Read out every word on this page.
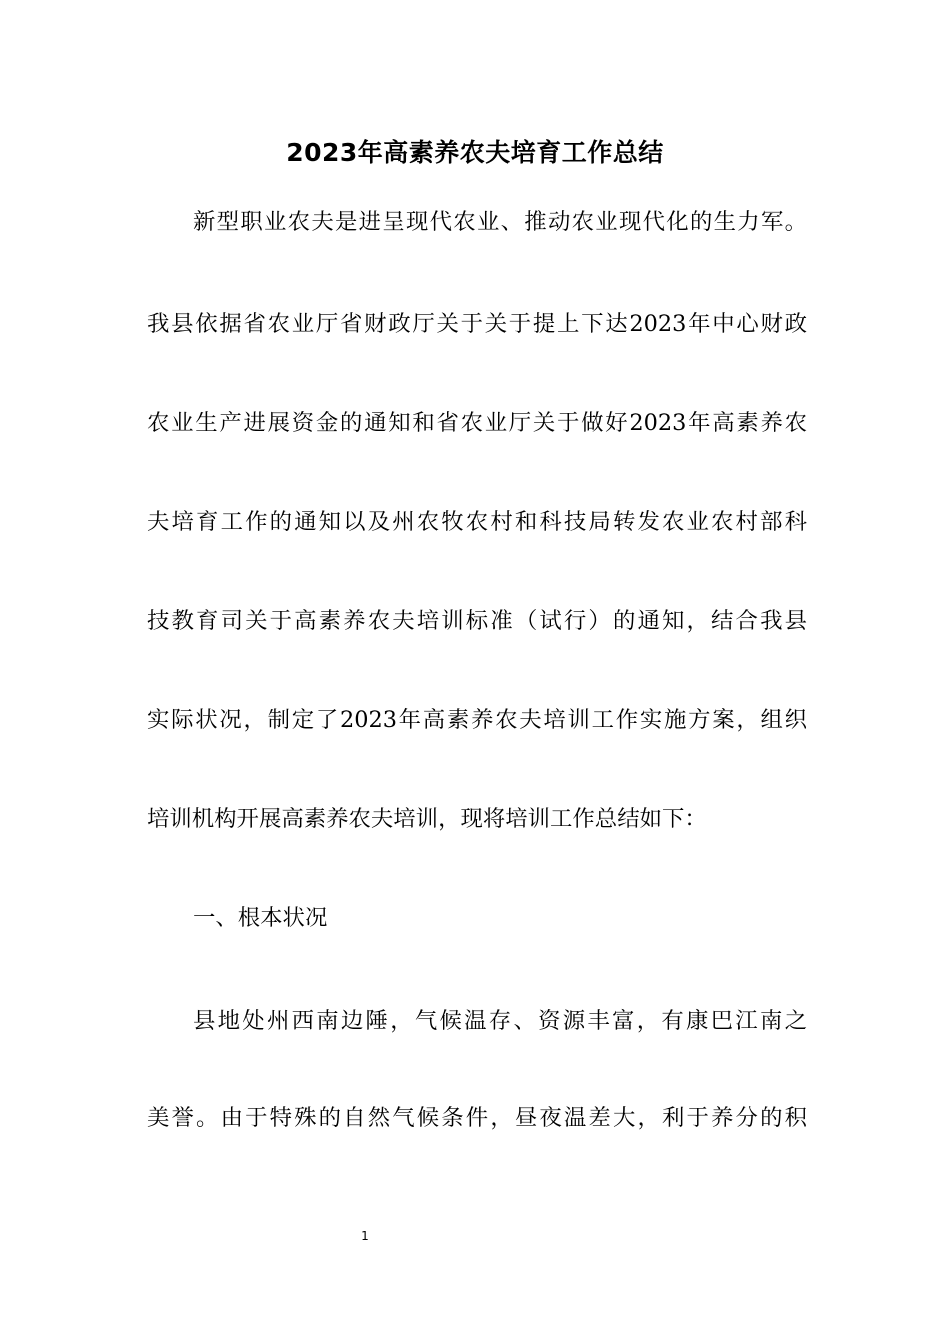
2023年高素养农夫培育工作总结
新型职业农夫是进呈现代农业、推动农业现代化的生力军。
我县依据省农业厅省财政厅关于关于提上下达2023年中心财政
农业生产进展资金的通知和省农业厅关于做好2023年高素养农
夫培育工作的通知以及州农牧农村和科技局转发农业农村部科
技教育司关于高素养农夫培训标准（试行）的通知，结合我县
实际状况，制定了2023年高素养农夫培训工作实施方案，组织
培训机构开展高素养农夫培训，现将培训工作总结如下：
一、根本状况
县地处州西南边陲，气候温存、资源丰富，有康巴江南之
美誉。由于特殊的自然气候条件，昼夜温差大，利于养分的积
1
